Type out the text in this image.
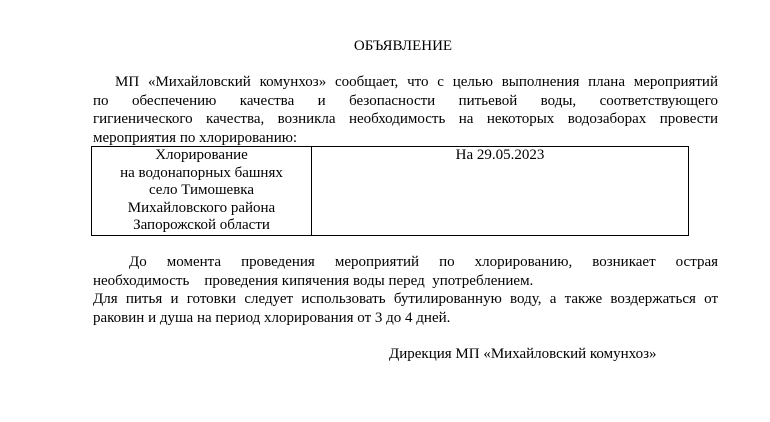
ОБЪЯВЛЕНИЕ
МП «Михайловский комунхоз» сообщает, что с целью выполнения плана мероприятий
по обеспечению качества и безопасности питьевой воды, соответствующего
гигиенического качества, возникла необходимость на некоторых водозаборах провести
мероприятия по хлорированию:
Хлорирование
на водонапорных башнях
село Тимошевка
Михайловского района
Запорожской области
	На 29.05.2023
До момента проведения мероприятий по хлорированию, возникает острая
необходимость    проведения кипячения воды перед  употреблением.
Для питья и готовки следует использовать бутилированную воду, а также воздержаться от
раковин и душа на период хлорирования от 3 до 4 дней.
Дирекция МП «Михайловский комунхоз»
